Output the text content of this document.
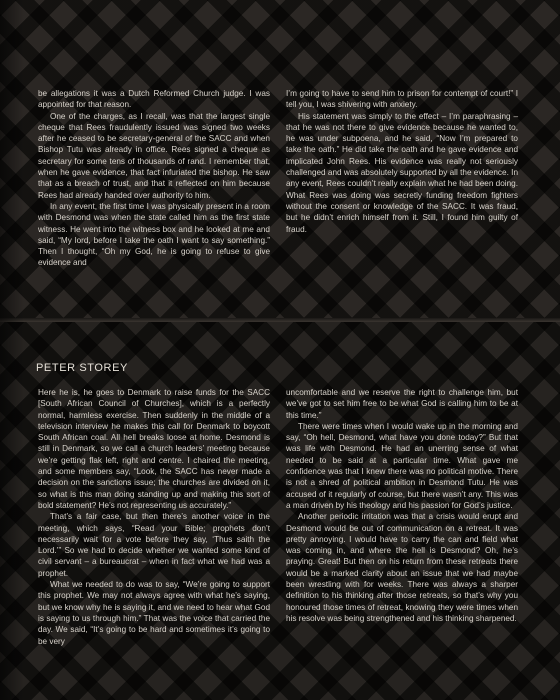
be allegations it was a Dutch Reformed Church judge. I was appointed for that reason.

One of the charges, as I recall, was that the largest single cheque that Rees fraudulently issued was signed two weeks after he ceased to be secretary-general of the SACC and when Bishop Tutu was already in office. Rees signed a cheque as secretary for some tens of thousands of rand. I remember that, when he gave evidence, that fact infuriated the bishop. He saw that as a breach of trust, and that it reflected on him because Rees had already handed over authority to him.

In any event, the first time I was physically present in a room with Desmond was when the state called him as the first state witness. He went into the witness box and he looked at me and said, “My lord, before I take the oath I want to say something.” Then I thought, “Oh my God, he is going to refuse to give evidence and

I’m going to have to send him to prison for contempt of court!” I tell you, I was shivering with anxiety.

His statement was simply to the effect – I’m paraphrasing – that he was not there to give evidence because he wanted to, he was under subpoena, and he said, “Now I’m prepared to take the oath.” He did take the oath and he gave evidence and implicated John Rees. His evidence was really not seriously challenged and was absolutely supported by all the evidence. In any event, Rees couldn’t really explain what he had been doing. What Rees was doing was secretly funding freedom fighters without the consent or knowledge of the SACC. It was fraud, but he didn’t enrich himself from it. Still, I found him guilty of fraud.

PETER STOREY

Here he is, he goes to Denmark to raise funds for the SACC [South African Council of Churches], which is a perfectly normal, harmless exercise. Then suddenly in the middle of a television interview he makes this call for Denmark to boycott South African coal. All hell breaks loose at home. Desmond is still in Denmark, so we call a church leaders’ meeting because we’re getting flak left, right and centre. I chaired the meeting, and some members say, “Look, the SACC has never made a decision on the sanctions issue; the churches are divided on it, so what is this man doing standing up and making this sort of bold statement? He’s not representing us accurately.”

That’s a fair case, but then there’s another voice in the meeting, which says, “Read your Bible; prophets don’t necessarily wait for a vote before they say, ‘Thus saith the Lord.’” So we had to decide whether we wanted some kind of civil servant – a bureaucrat – when in fact what we had was a prophet.

What we needed to do was to say, “We’re going to support this prophet. We may not always agree with what he’s saying, but we know why he is saying it, and we need to hear what God is saying to us through him.” That was the voice that carried the day. We said, “It’s going to be hard and sometimes it’s going to be very

uncomfortable and we reserve the right to challenge him, but we’ve got to set him free to be what God is calling him to be at this time.”

There were times when I would wake up in the morning and say, “Oh hell, Desmond, what have you done today?” But that was life with Desmond. He had an unerring sense of what needed to be said at a particular time. What gave me confidence was that I knew there was no political motive. There is not a shred of political ambition in Desmond Tutu. He was accused of it regularly of course, but there wasn’t any. This was a man driven by his theology and his passion for God’s justice.

Another periodic irritation was that a crisis would erupt and Desmond would be out of communication on a retreat. It was pretty annoying. I would have to carry the can and field what was coming in, and where the hell is Desmond? Oh, he’s praying. Great! But then on his return from these retreats there would be a marked clarity about an issue that we had maybe been wrestling with for weeks. There was always a sharper definition to his thinking after those retreats, so that’s why you honoured those times of retreat, knowing they were times when his resolve was being strengthened and his thinking sharpened.
